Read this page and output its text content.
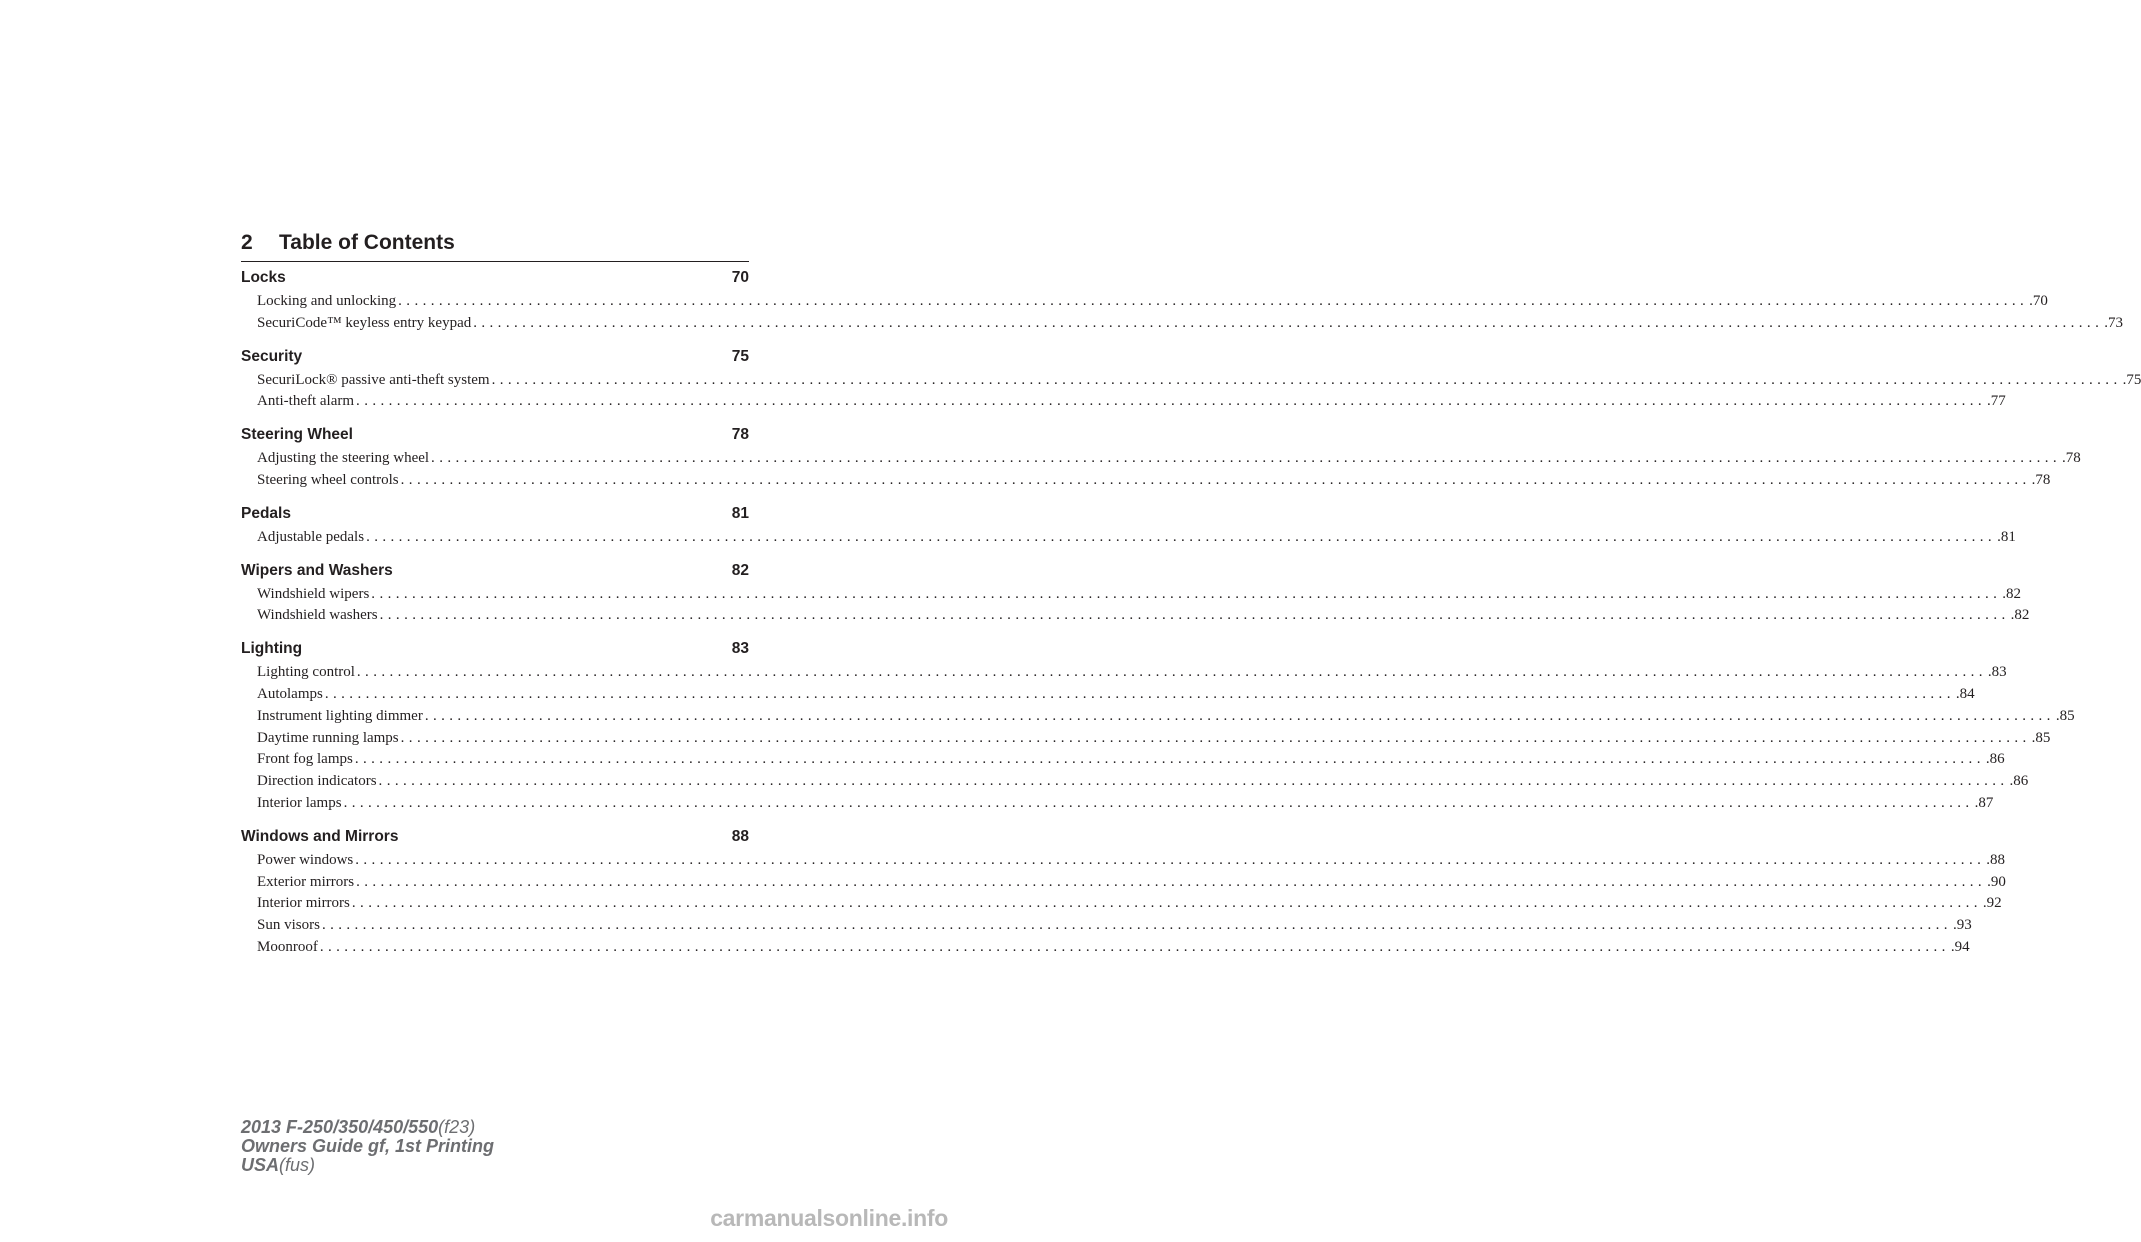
2 Table of Contents
Locks	70
Locking and unlocking ........................................................................................................................................................................................................ .70
SecuriCode™ keyless entry keypad ........................................................................................................................................................................................................ .73
Security	75
SecuriLock® passive anti-theft system ........................................................................................................................................................................................................ .75
Anti-theft alarm ........................................................................................................................................................................................................ .77
Steering Wheel	78
Adjusting the steering wheel ........................................................................................................................................................................................................ .78
Steering wheel controls ........................................................................................................................................................................................................ .78
Pedals	81
Adjustable pedals ........................................................................................................................................................................................................ .81
Wipers and Washers	82
Windshield wipers ........................................................................................................................................................................................................ .82
Windshield washers ........................................................................................................................................................................................................ .82
Lighting	83
Lighting control ........................................................................................................................................................................................................ .83
Autolamps ........................................................................................................................................................................................................ .84
Instrument lighting dimmer ........................................................................................................................................................................................................ .85
Daytime running lamps ........................................................................................................................................................................................................ .85
Front fog lamps ........................................................................................................................................................................................................ .86
Direction indicators ........................................................................................................................................................................................................ .86
Interior lamps ........................................................................................................................................................................................................ .87
Windows and Mirrors	88
Power windows ........................................................................................................................................................................................................ .88
Exterior mirrors ........................................................................................................................................................................................................ .90
Interior mirrors ........................................................................................................................................................................................................ .92
Sun visors ........................................................................................................................................................................................................ .93
Moonroof ........................................................................................................................................................................................................ .94
2013 F-250/350/450/550(f23)
Owners Guide gf, 1st Printing
USA(fus)
carmanualsonline.info
